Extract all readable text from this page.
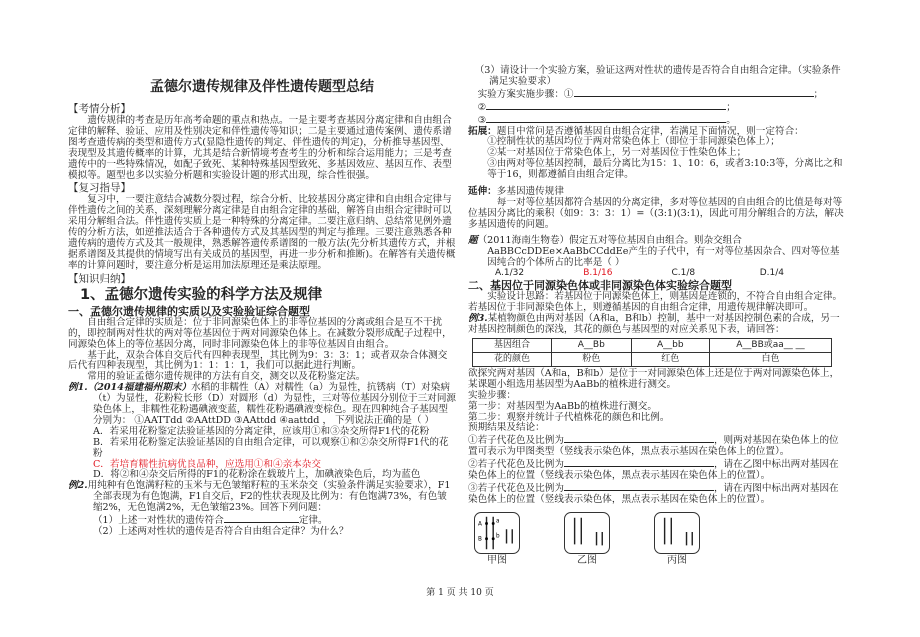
孟德尔遗传规律及伴性遗传题型总结

【考情分析】

遗传规律的考查是历年高考命题的重点和热点。一是主要考查基因分离定律和自由组合定律的解释、验证、应用及性别决定和伴性遗传等知识；二是主要通过遗传案例、遗传系谱图考查遗传病的类型和遗传方式(显隐性遗传的判定、伴性遗传的判定)，分析推导基因型、表现型及其遗传概率的计算，尤其是结合新情境考查考生的分析和综合运用能力；三是考查遗传中的一些特殊情况，如配子致死、某种特殊基因型致死、多基因效应、基因互作、表型模拟等。题型也多以实验分析题和实验设计题的形式出现，综合性很强。

【复习指导】

复习中，一要注意结合减数分裂过程，综合分析、比较基因分离定律和自由组合定律与伴性遗传之间的关系，深刻理解分离定律是自由组合定律的基础，解答自由组合定律时可以采用分解组合法。伴性遗传实质上是一种特殊的分离定律。二要注意归纳、总结常见例外遗传的分析方法，如逆推法适合于各种遗传方式及其基因型的判定与推理。三要注意熟悉各种遗传病的遗传方式及其一般规律，熟悉解答遗传系谱图的一般方法(先分析其遗传方式，并根据系谱图及其提供的情境写出有关成员的基因型，再进一步分析和推断)。在解答有关遗传概率的计算问题时，要注意分析是运用加法原理还是乘法原理。

【知识归纳】

1、孟德尔遗传实验的科学方法及规律

一、孟德尔遗传规律的实质以及实验验证综合题型

自由组合定律的实质是：位于非同源染色体上的非等位基因的分离或组合是互不干扰的，即控制两对性状的两对等位基因位于两对同源染色体上。在减数分裂形成配子过程中，同源染色体上的等位基因分离，同时非同源染色体上的非等位基因自由组合。

基于此，双杂合体自交后代有四种表现型，其比例为9：3：3：1；或者双杂合体测交后代有四种表现型，其比例为1：1：1：1，我们可以据此进行判断。

常用的验证孟德尔遗传规律的方法有自交，测交以及花粉鉴定法。

例1.（2014福建福州期末）水稻的非糯性（A）对糯性（a）为显性，抗锈病（T）对染病 （t）为显性，花粉粒长形（D）对圆形（d）为显性，三对等位基因分别位于三对同源染色体上，非糯性花粉遇碘液变蓝，糯性花粉遇碘液变棕色。现在四种纯合子基因型分别为： ①AATTdd ②AAttDD ③AAttdd ④aattdd ， 下列说法正确的是（ ）

A．若采用花粉鉴定法验证基因的分离定律，应该用①和③杂交所得F1代的花粉

B．若采用花粉鉴定法验证基因的自由组合定律，可以观察①和②杂交所得F1代的花粉

C．若培育糯性抗病优良品种，应选用①和④亲本杂交

D．将②和④杂交后所得的F1的花粉涂在载玻片上，加碘液染色后，均为蓝色

例2.用纯种有色饱满籽粒的玉米与无色皱缩籽粒的玉米杂交（实验条件满足实验要求），F1全部表现为有色饱满，F1自交后，F2的性状表现及比例为：有色饱满73%，有色皱缩2%，无色饱满2%，无色皱缩23%。回答下列问题：

（1）上述一对性状的遗传符合	定律。

（2）上述两对性状的遗传是否符合自由组合定律？为什么？

（3）请设计一个实验方案，验证这两对性状的遗传是否符合自由组合定律。（实验条件满足实验要求）

实验方案实施步骤：①	；

②	；

③	。

拓展：题目中常问是否遵循基因自由组合定律，若满足下面情况，则一定符合：

①控制性状的基因均位于两对常染色体上（即位于非同源染色体上）；

②某一对基因位于常染色体上，另一对基因位于性染色体上；

③由两对等位基因控制，最后分离比为15：1、10：6，或者3:10:3等，分离比之和等于16，则都遵循自由组合定律。

延伸：多基因遗传规律

每一对等位基因都符合基因的分离定律，多对等位基因的自由组合的比值是每对等位基因分离比的乘积（如9：3：3：1）=（(3:1)(3:1)，因此可用分解组合的方法，解决多基因遗传的问题。

题（2011海南生物卷）假定五对等位基因自由组合。则杂交组合AaBBCcDDEe×AaBbCCddEe产生的子代中，有一对等位基因杂合、四对等位基因纯合的个体所占的比率是（ ）

A.1/32	B.1/16	C.1/8	D.1/4

二、基因位于同源染色体或非同源染色体实验综合题型

实验设计思路：若基因位于同源染色体上，则基因是连锁的，不符合自由组合定律。若基因位于非同源染色体上，则遵循基因的自由组合定律，用遗传规律解决即可。

例3.某植物颜色由两对基因（A和a，B和b）控制，基中一对基因控制色素的合成，另一对基因控制颜色的深浅，其花的颜色与基因型的对应关系见下表，请回答：

基因组合	A__Bb	A__bb	A__BB或aa__ __
花的颜色	粉色	红色	白色

欲探究两对基因（A和a，B和b）是位于一对同源染色体上还是位于两对同源染色体上，某课题小组选用基因型为AaBb的植株进行测交。

实验步骤：

第一步：对基因型为AaBb的植株进行测交。

第二步：观察并统计子代植株花的颜色和比例。

预期结果及结论：

①若子代花色及比例为	，则两对基因在染色体上的位置可表示为甲图类型（竖线表示染色体，黑点表示基因在染色体上的位置）。

②若子代花色及比例为	，请在乙图中标出两对基因在染色体上的位置（竖线表示染色体，黑点表示基因在染色体上的位置）。

③若子代花色及比例为	，请在丙图中标出两对基因在染色体上的位置（竖线表示染色体，黑点表示基因在染色体上的位置）。

A a
B b
甲图	乙图	丙图
第 1 页 共 10 页
